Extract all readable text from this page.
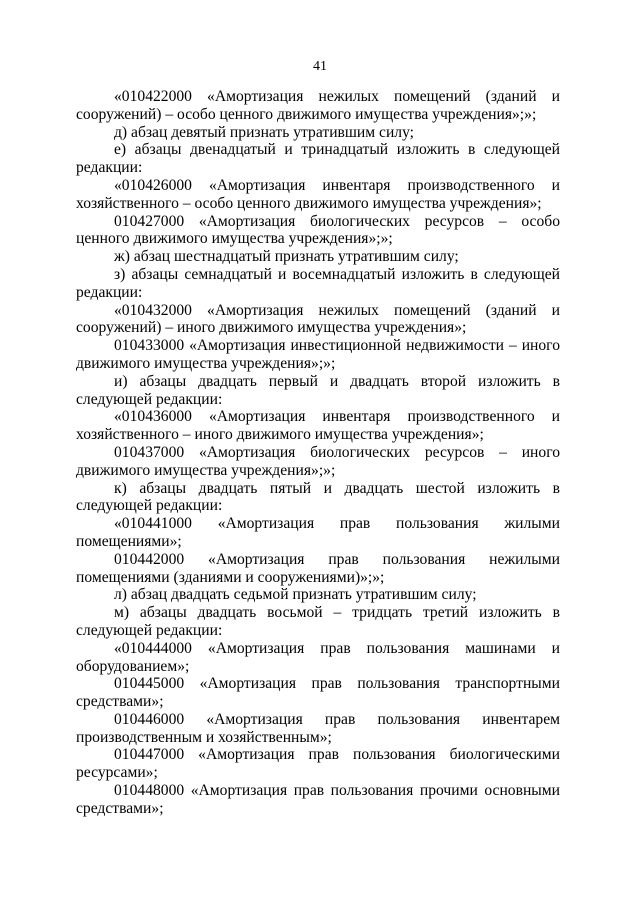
41

«010422000 «Амортизация нежилых помещений (зданий и сооружений) – особо ценного движимого имущества учреждения»;»;

д) абзац девятый признать утратившим силу;

е) абзацы двенадцатый и тринадцатый изложить в следующей редакции:

«010426000 «Амортизация инвентаря производственного и хозяйственного – особо ценного движимого имущества учреждения»;

010427000 «Амортизация биологических ресурсов – особо ценного движимого имущества учреждения»;»;

ж) абзац шестнадцатый признать утратившим силу;

з) абзацы семнадцатый и восемнадцатый изложить в следующей редакции:

«010432000 «Амортизация нежилых помещений (зданий и сооружений) – иного движимого имущества учреждения»;

010433000 «Амортизация инвестиционной недвижимости – иного движимого имущества учреждения»;»;

и) абзацы двадцать первый и двадцать второй изложить в следующей редакции:

«010436000 «Амортизация инвентаря производственного и хозяйственного – иного движимого имущества учреждения»;

010437000 «Амортизация биологических ресурсов – иного движимого имущества учреждения»;»;

к) абзацы двадцать пятый и двадцать шестой изложить в следующей редакции:

«010441000 «Амортизация прав пользования жилыми помещениями»;

010442000 «Амортизация прав пользования нежилыми помещениями (зданиями и сооружениями)»;»;

л) абзац двадцать седьмой признать утратившим силу;

м) абзацы двадцать восьмой – тридцать третий изложить в следующей редакции:

«010444000 «Амортизация прав пользования машинами и оборудованием»;

010445000 «Амортизация прав пользования транспортными средствами»;

010446000 «Амортизация прав пользования инвентарем производственным и хозяйственным»;

010447000 «Амортизация прав пользования биологическими ресурсами»;

010448000 «Амортизация прав пользования прочими основными средствами»;
